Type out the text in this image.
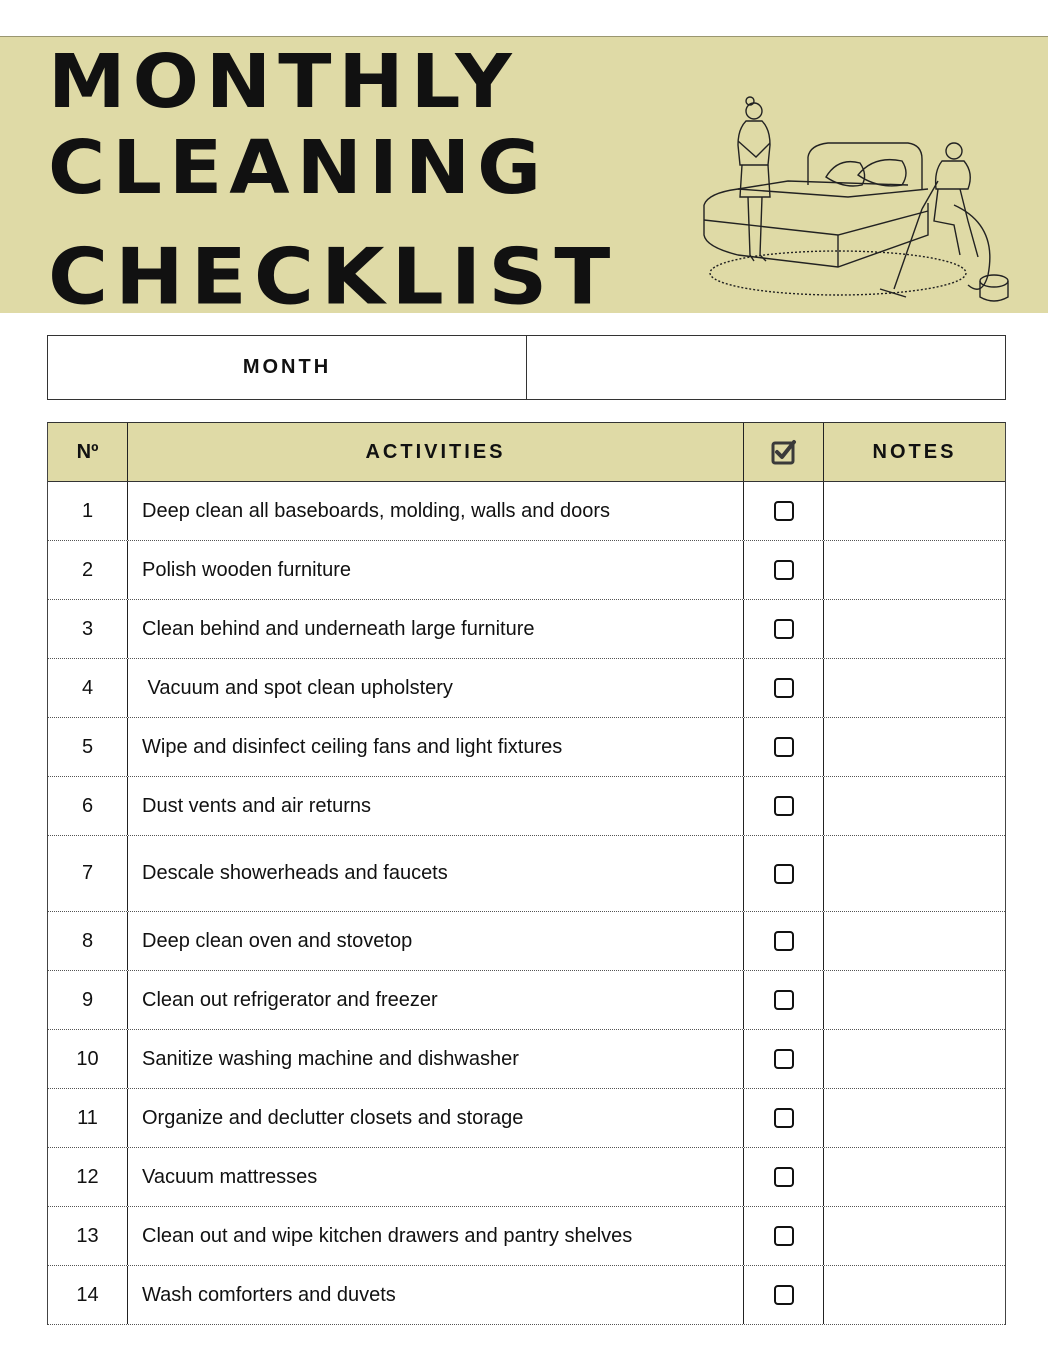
MONTHLY
CLEANING
CHECKLIST
MONTH
Nº	ACTIVITIES	NOTES
1	Deep clean all baseboards, molding, walls and doors
2	Polish wooden furniture
3	Clean behind and underneath large furniture
4	Vacuum and spot clean upholstery
5	Wipe and disinfect ceiling fans and light fixtures
6	Dust vents and air returns
7	Descale showerheads and faucets
8	Deep clean oven and stovetop
9	Clean out refrigerator and freezer
10	Sanitize washing machine and dishwasher
11	Organize and declutter closets and storage
12	Vacuum mattresses
13	Clean out and wipe kitchen drawers and pantry shelves
14	Wash comforters and duvets
